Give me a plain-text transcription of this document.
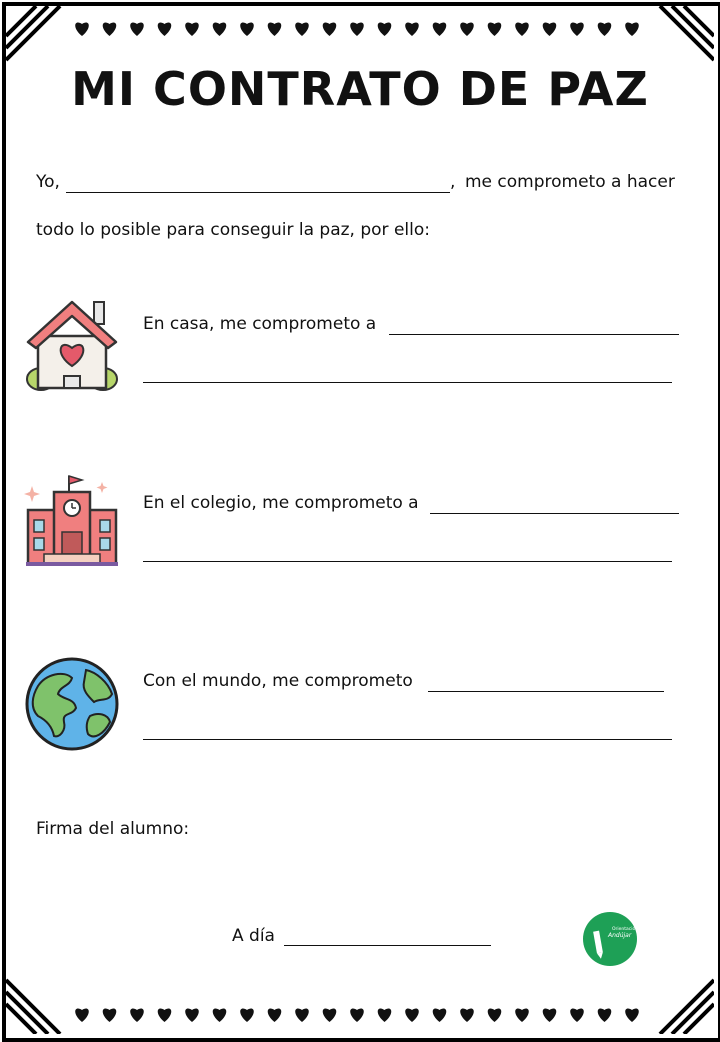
MI CONTRATO DE PAZ
Yo,	, me comprometo a hacer
todo lo posible para conseguir la paz, por ello:
En casa, me comprometo a
En el colegio, me comprometo a
Con el mundo, me comprometo
Firma del alumno:
A día	Orientación
Andújar
